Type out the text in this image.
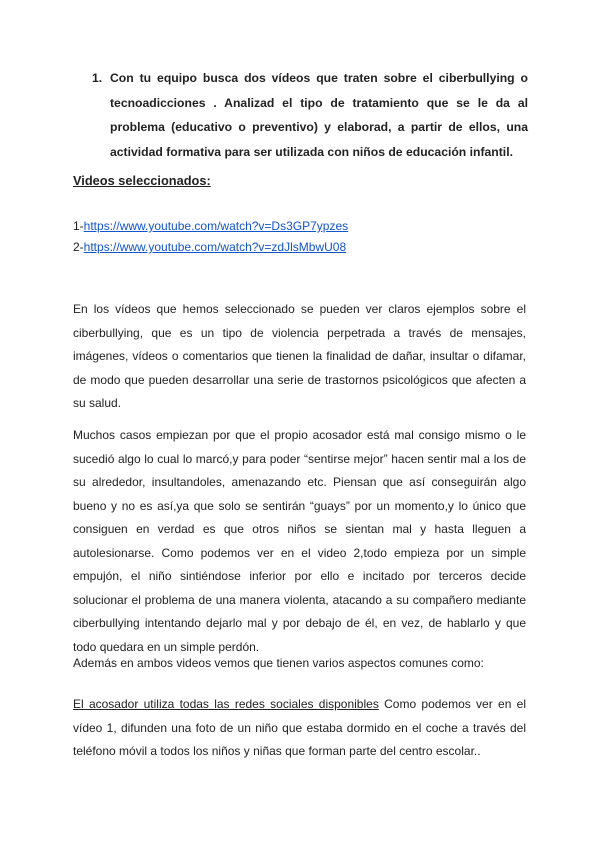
1. Con tu equipo busca dos vídeos que traten sobre el ciberbullying o tecnoadicciones . Analizad el tipo de tratamiento que se le da al problema (educativo o preventivo) y elaborad, a partir de ellos, una actividad formativa para ser utilizada con niños de educación infantil.
Videos seleccionados:
1-https://www.youtube.com/watch?v=Ds3GP7ypzes
2-https://www.youtube.com/watch?v=zdJlsMbwU08
En los vídeos que hemos seleccionado se pueden ver claros ejemplos sobre el ciberbullying, que es un tipo de violencia perpetrada a través de mensajes, imágenes, vídeos o comentarios que tienen la finalidad de dañar, insultar o difamar, de modo que pueden desarrollar una serie de trastornos psicológicos que afecten a su salud.
Muchos casos empiezan por que el propio acosador está mal consigo mismo o le sucedió algo lo cual lo marcó,y para poder “sentirse mejor” hacen sentir mal a los de su alrededor, insultandoles, amenazando etc. Piensan que así conseguirán algo bueno y no es así,ya que solo se sentirán “guays” por un momento,y lo único que consiguen en verdad es que otros niños se sientan mal y hasta lleguen a autolesionarse. Como podemos ver en el video 2,todo empieza por un simple empujón, el niño sintiéndose inferior por ello e incitado por terceros decide solucionar el problema de una manera violenta, atacando a su compañero mediante ciberbullying intentando dejarlo mal y por debajo de él, en vez, de hablarlo y que todo quedara en un simple perdón.
Además en ambos videos vemos que tienen varios aspectos comunes como:
El acosador utiliza todas las redes sociales disponibles Como podemos ver en el vídeo 1, difunden una foto de un niño que estaba dormido en el coche a través del teléfono móvil a todos los niños y niñas que forman parte del centro escolar..
